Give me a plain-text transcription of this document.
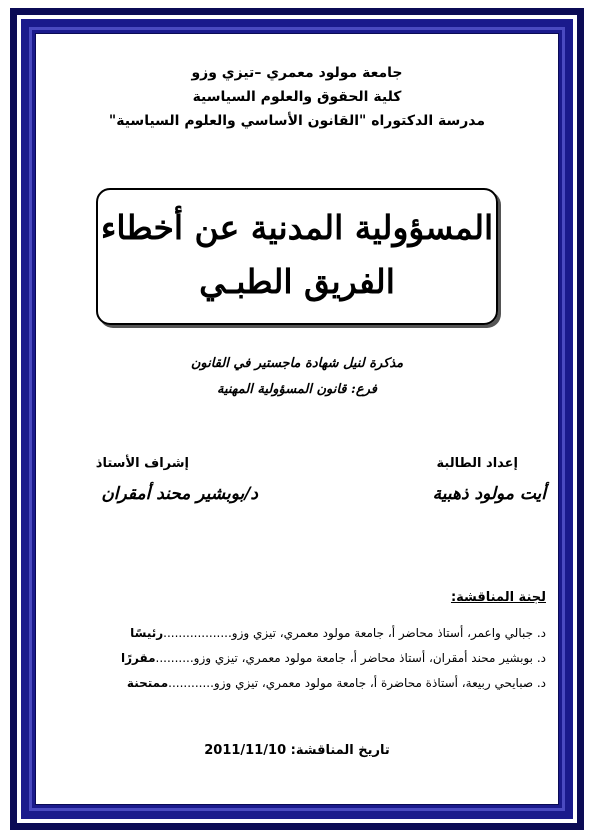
جامعة مولود معمري –تيزي وزو
كلية الحقوق والعلوم السياسية
مدرسة الدكتوراه "القانون الأساسي والعلوم السياسية"
المسؤولية المدنية عن أخطاء
الفريق الطبـي
مذكرة لنيل شهادة ماجستير في القانون
فرع: قانون المسؤولية المهنية
إعداد الطالبة
إشراف الأستاذ
أيت مولود ذهبية
د/بوبشير محند أمقران
لجنة المناقشة:
د. جبالي واعمر، أستاذ محاضر أ، جامعة مولود معمري، تيزي وزو..................رئيسًا
د. بوبشير محند أمقران، أستاذ محاضر أ، جامعة مولود معمري، تيزي وزو..........مقررًا
د. صبايحي ربيعة، أستاذة محاضرة أ، جامعة مولود معمري، تيزي وزو............ممتحنة
تاريخ المناقشة: 2011/11/10
